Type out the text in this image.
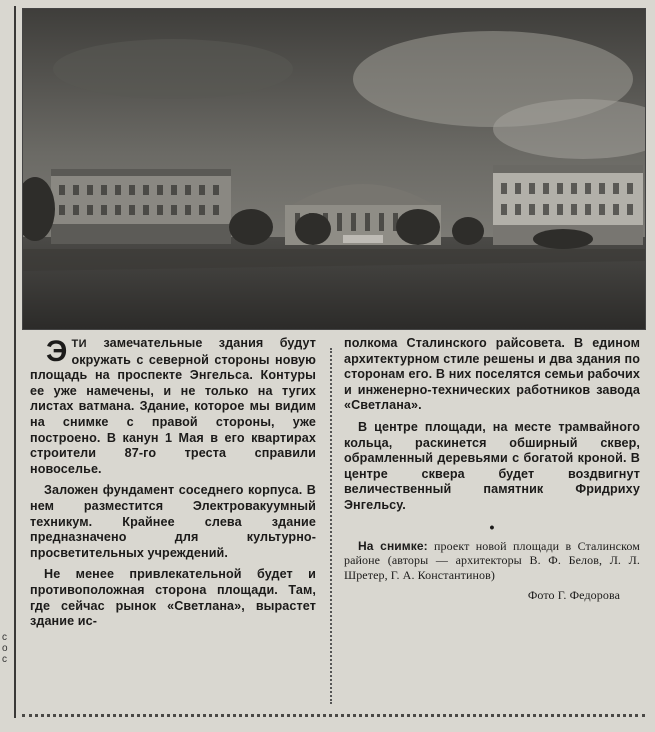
с
о
с

ЭТИ замечательные здания будут окружать с северной стороны новую площадь на проспекте Энгельса. Контуры ее уже намечены, и не только на тугих листах ватмана. Здание, которое мы видим на снимке с правой стороны, уже построено. В канун 1 Мая в его квартирах строители 87-го треста справили новоселье.

Заложен фундамент соседнего корпуса. В нем разместится Электровакуумный техникум. Крайнее слева здание предназначено для культурно-просветительных учреждений.

Не менее привлекательной будет и противоположная сторона площади. Там, где сейчас рынок «Светлана», вырастет здание ис-

полкома Сталинского райсовета. В едином архитектурном стиле решены и два здания по сторонам его. В них поселятся семьи рабочих и инженерно-технических работников завода «Светлана».

В центре площади, на месте трамвайного кольца, раскинется обширный сквер, обрамленный деревьями с богатой кроной. В центре сквера будет воздвигнут величественный памятник Фридриху Энгельсу.

•

На снимке: проект новой площади в Сталинском районе (авторы — архитекторы В. Ф. Белов, Л. Л. Шретер, Г. А. Константинов)

Фото Г. Федорова
